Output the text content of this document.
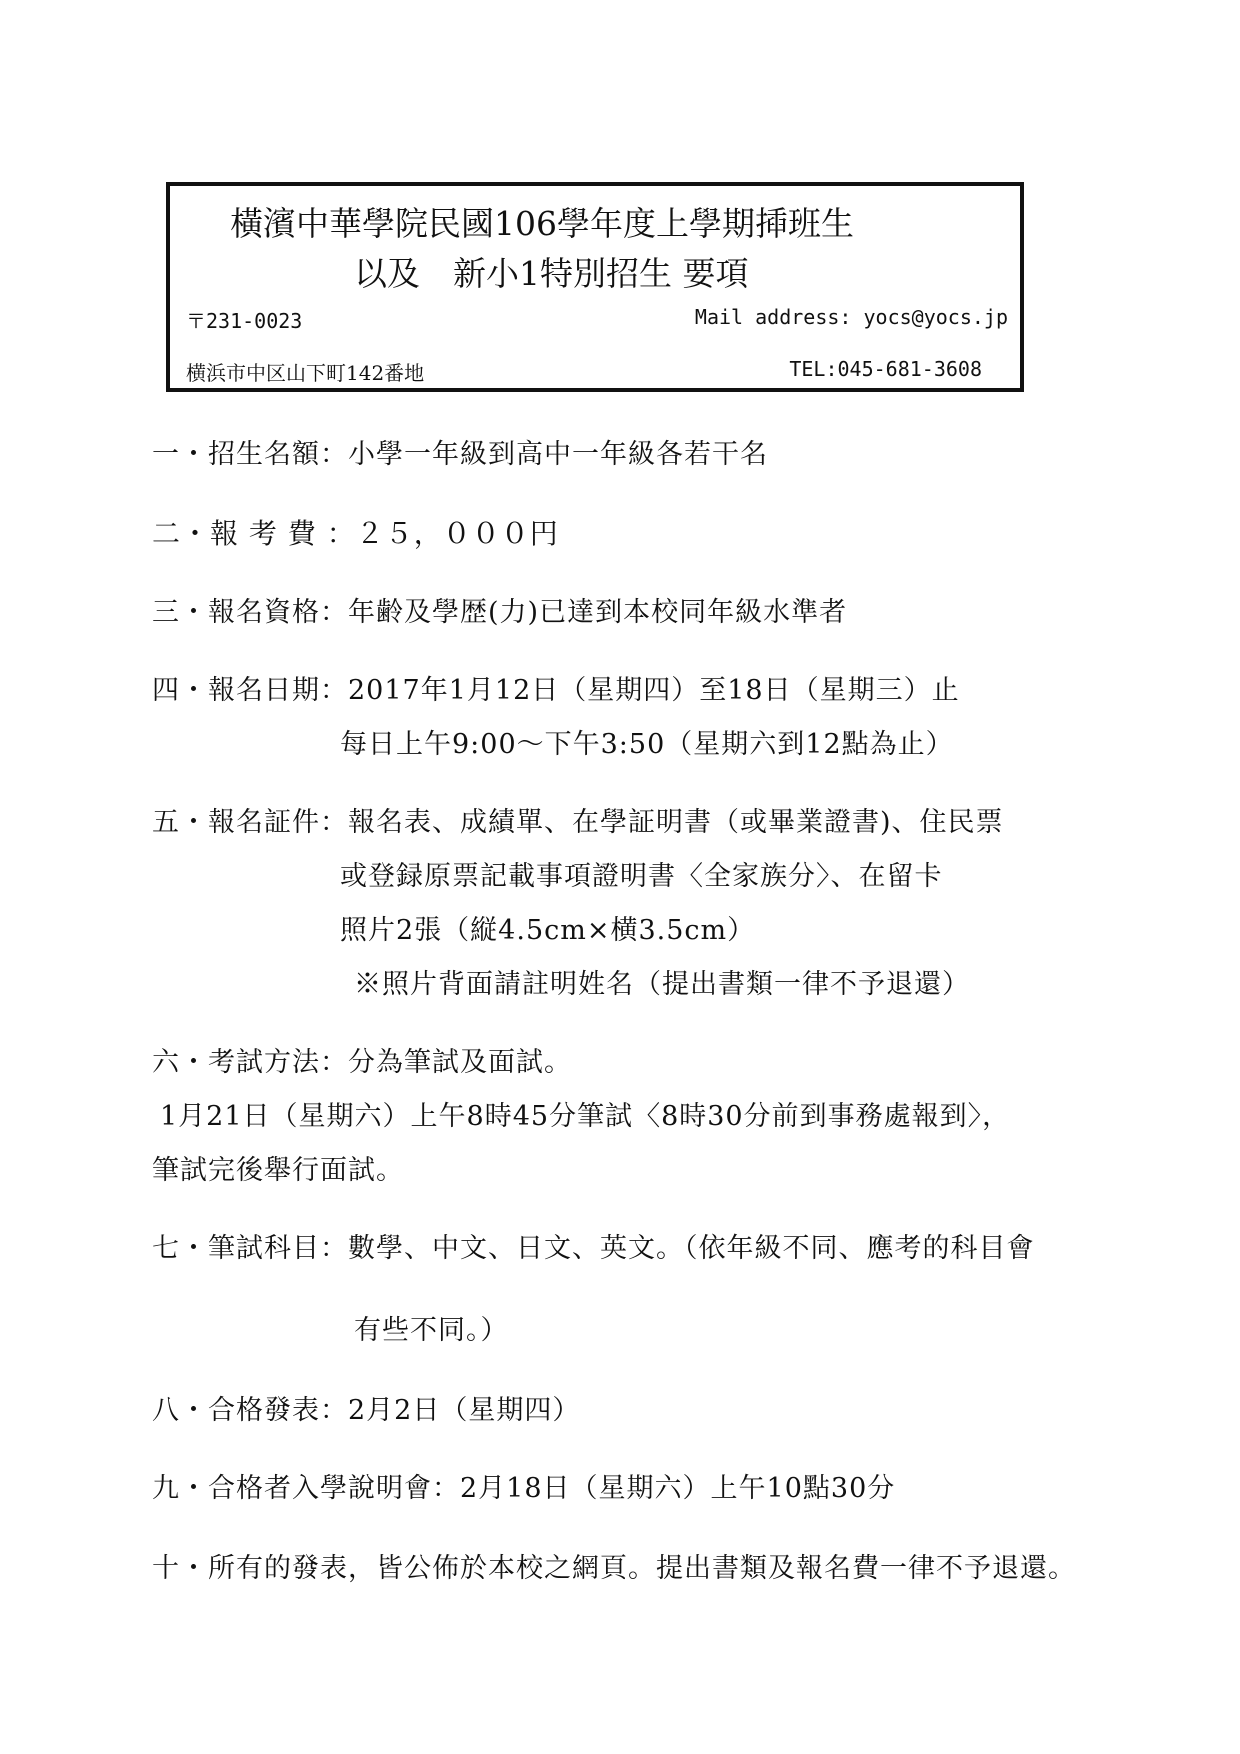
橫濱中華學院民國106學年度上學期揷班生
以及　新小1特別招生 要項
〒231-0023	Mail address: yocs@yocs.jp
横浜市中区山下町142番地	TEL:045-681-3608
一・招生名額：小學一年級到高中一年級各若干名
二・報 考 費 ：２５，０００円
三・報名資格：年齢及學歴(力)已達到本校同年級水準者
四・報名日期：2017年1月12日（星期四）至18日（星期三）止
每日上午9:00～下午3:50（星期六到12點為止）
五・報名証件：報名表、成績單、在學証明書（或畢業證書)、住民票
或登録原票記載事項證明書〈全家族分〉、在留卡
照片2張（縦4.5cm×横3.5cm）
※照片背面請註明姓名（提出書類一律不予退還）
六・考試方法：分為筆試及面試。
1月21日（星期六）上午8時45分筆試〈8時30分前到事務處報到〉，
筆試完後舉行面試。
七・筆試科目：數學、中文、日文、英文。（依年級不同、應考的科目會
有些不同。）
八・合格發表：2月2日（星期四）
九・合格者入學說明會：2月18日（星期六）上午10點30分
十・所有的發表，皆公佈於本校之網頁。提出書類及報名費一律不予退還。
